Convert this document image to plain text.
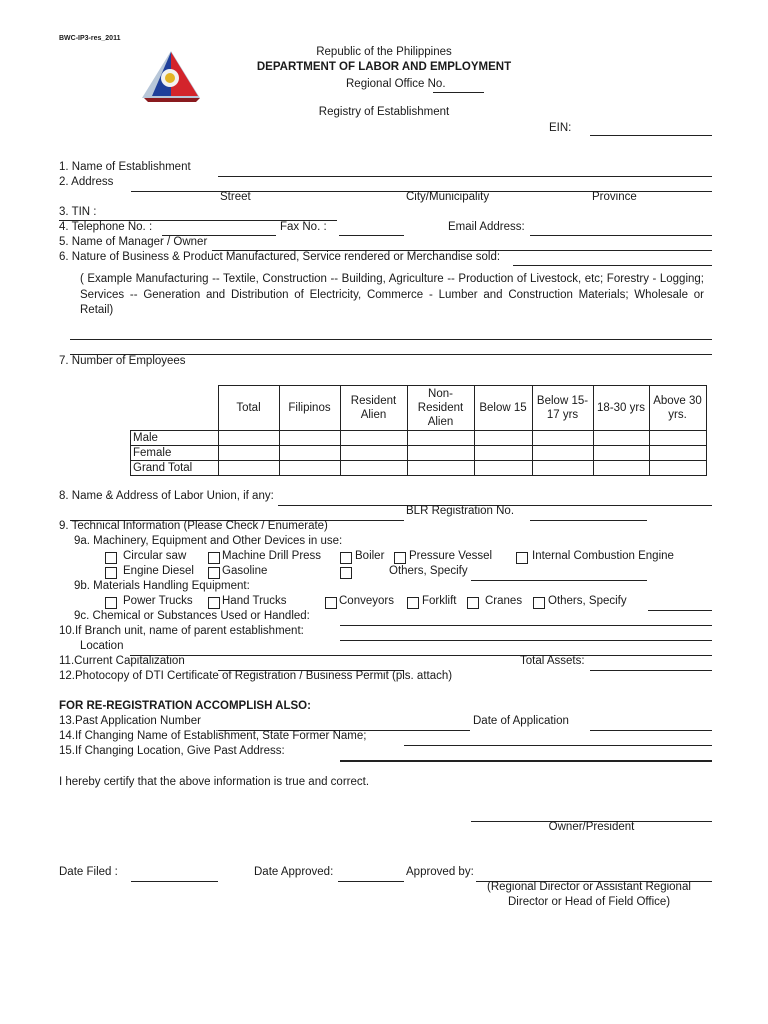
BWC-IP3-res_2011
Republic of the Philippines
DEPARTMENT OF LABOR AND EMPLOYMENT
Regional Office No.
Registry of Establishment
EIN:
1. Name of Establishment
2. Address
Street	City/Municipality	Province
3. TIN :
4. Telephone No. :	Fax No. :	Email Address:
5. Name of Manager / Owner
6. Nature of Business & Product Manufactured, Service rendered or Merchandise sold:
( Example Manufacturing -- Textile, Construction -- Building, Agriculture -- Production of Livestock, etc; Forestry - Logging; Services -- Generation and Distribution of Electricity, Commerce - Lumber and Construction Materials; Wholesale or Retail)
7. Number of Employees
	Total	Filipinos	Resident Alien	Non-Resident Alien	Below 15	Below 15-17 yrs	18-30 yrs	Above 30 yrs.
Male								
Female								
Grand Total								
8. Name & Address of Labor Union, if any:
BLR Registration No.
9. Technical Information (Please Check / Enumerate)
9a. Machinery, Equipment and Other Devices in use:
Circular saw	Machine Drill Press	Boiler Pressure Vessel	Internal Combustion Engine
Engine Diesel Gasoline	Others, Specify
9b. Materials Handling Equipment:
Power Trucks	Hand Trucks	Conveyors Forklift Cranes Others, Specify
9c. Chemical or Substances Used or Handled:
10.If Branch unit, name of parent establishment:
Location
11.Current Capitalization	Total Assets:
12.Photocopy of DTI Certificate of Registration / Business Permit (pls. attach)
FOR RE-REGISTRATION ACCOMPLISH ALSO:
13.Past Application Number	Date of Application
14.If Changing Name of Establishment, State Former Name;
15.If Changing Location, Give Past Address:
I hereby certify that the above information is true and correct.
Owner/President
Date Filed :	Date Approved:	Approved by:
(Regional Director or Assistant Regional
Director or Head of Field Office)
